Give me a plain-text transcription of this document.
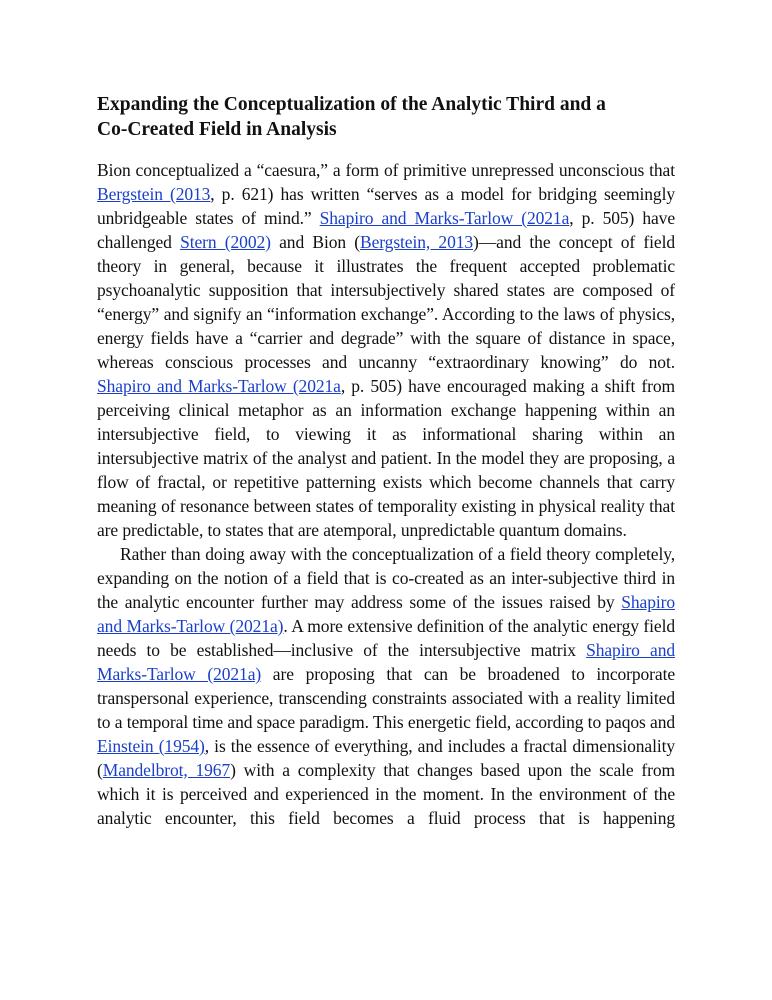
Expanding the Conceptualization of the Analytic Third and a
Co-Created Field in Analysis

Bion conceptualized a “caesura,” a form of primitive unrepressed unconscious that Bergstein (2013, p. 621) has written “serves as a model for bridging seemingly unbridgeable states of mind.” Shapiro and Marks-Tarlow (2021a, p. 505) have challenged Stern (2002) and Bion (Bergstein, 2013)—and the concept of field theory in general, because it illustrates the frequent accepted problematic psychoanalytic supposition that intersubjectively shared states are composed of “energy” and signify an “information exchange”. According to the laws of physics, energy fields have a “carrier and degrade” with the square of distance in space, whereas conscious processes and uncanny “extraordinary knowing” do not. Shapiro and Marks-Tarlow (2021a, p. 505) have encouraged making a shift from perceiving clinical metaphor as an information exchange happening within an intersubjective field, to viewing it as informational sharing within an intersubjective matrix of the analyst and patient. In the model they are proposing, a flow of fractal, or repetitive patterning exists which become channels that carry meaning of resonance between states of temporality existing in physical reality that are predictable, to states that are atemporal, unpredictable quantum domains.

Rather than doing away with the conceptualization of a field theory completely, expanding on the notion of a field that is co-created as an inter-subjective third in the analytic encounter further may address some of the issues raised by Shapiro and Marks-Tarlow (2021a). A more extensive definition of the analytic energy field needs to be established—inclusive of the intersubjective matrix Shapiro and Marks-Tarlow (2021a) are proposing that can be broadened to incorporate transpersonal experience, transcending constraints associated with a reality limited to a temporal time and space paradigm. This energetic field, according to paqos and Einstein (1954), is the essence of everything, and includes a fractal dimensionality (Mandelbrot, 1967) with a complexity that changes based upon the scale from which it is perceived and experienced in the moment. In the environment of the analytic encounter, this field becomes a fluid process that is happening
